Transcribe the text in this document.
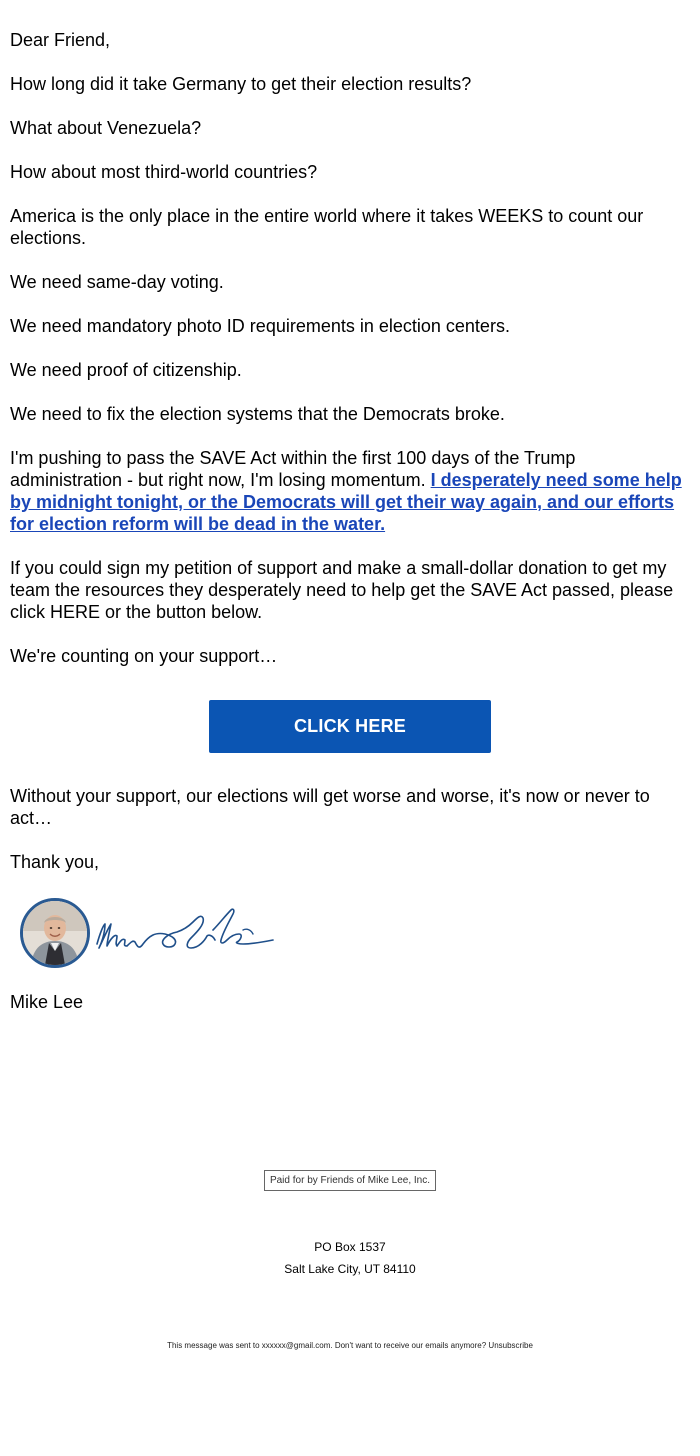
Dear Friend,

How long did it take Germany to get their election results?

What about Venezuela?

How about most third-world countries?

America is the only place in the entire world where it takes WEEKS to count our elections.

We need same-day voting.

We need mandatory photo ID requirements in election centers.

We need proof of citizenship.

We need to fix the election systems that the Democrats broke.

I'm pushing to pass the SAVE Act within the first 100 days of the Trump administration - but right now, I'm losing momentum. I desperately need some help by midnight tonight, or the Democrats will get their way again, and our efforts for election reform will be dead in the water.

If you could sign my petition of support and make a small-dollar donation to get my team the resources they desperately need to help get the SAVE Act passed, please click HERE or the button below.

We're counting on your support…

CLICK HERE

Without your support, our elections will get worse and worse, it's now or never to act…

Thank you,

Mike Lee
Paid for by Friends of Mike Lee, Inc.
PO Box 1537
Salt Lake City, UT 84110
This message was sent to xxxxxx@gmail.com. Don't want to receive our emails anymore? Unsubscribe
